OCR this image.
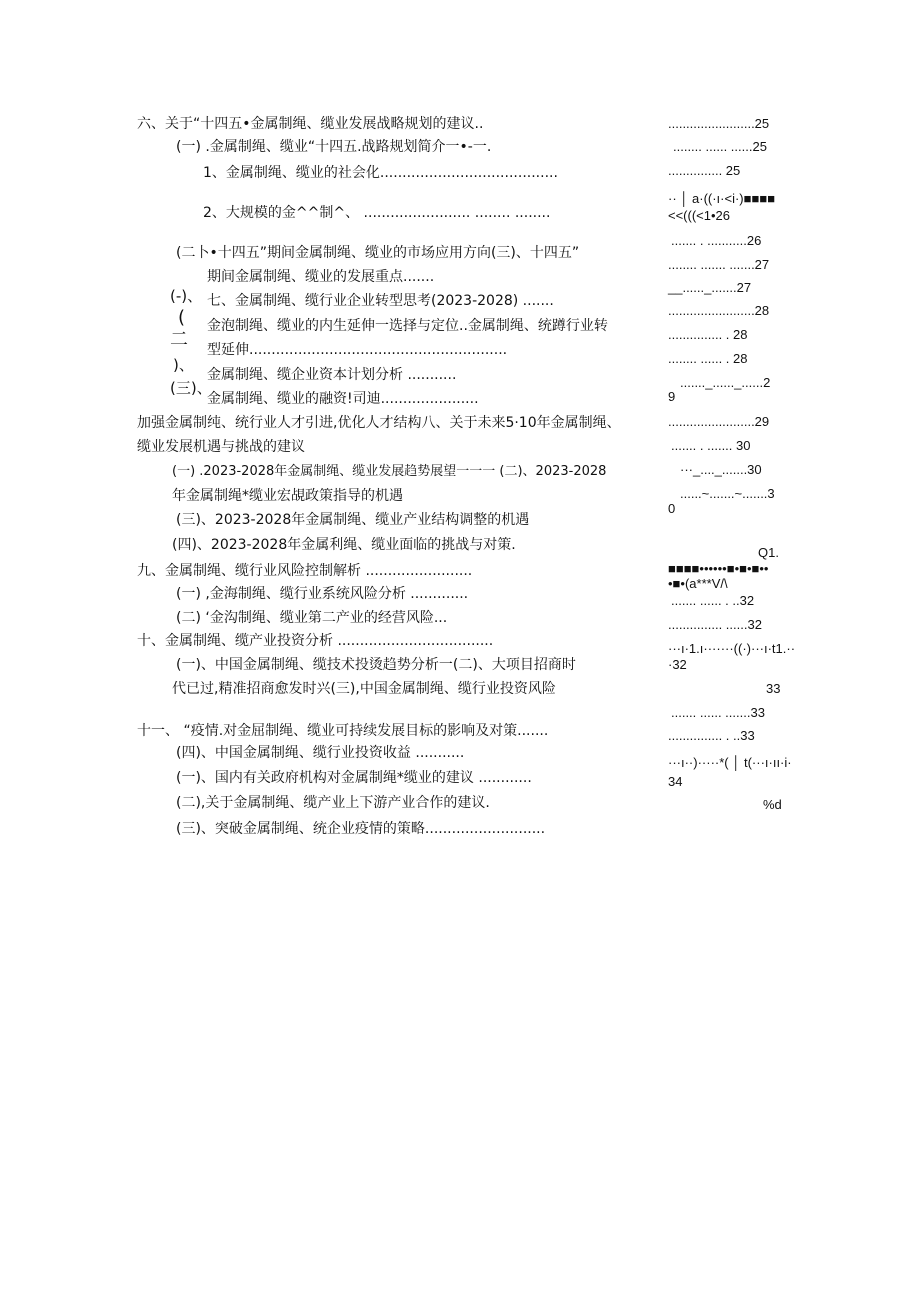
六、关于“十四五•金属制绳、缆业发展战略规划的建议..
(一) .金属制绳、缆业“十四五.战路规划简介一•-一.
1、金属制绳、缆业的社会化........................................
2、大规模的金^^制^、 ........................ ........ ........
(二卜•十四五”期间金属制绳、缆业的市场应用方向(三)、十四五”
期间金属制绳、缆业的发展重点.......
(-)、 七、金属制绳、缆行业企业转型思考(2023-2028) .......
( 金泡制绳、缆业的内生延伸一选择与定位..金属制绳、统蹲行业转
二 型延伸..........................................................
)、
金属制绳、缆企业资本计划分析 ...........
(三)、
金属制绳、缆业的融资!司迪......................
加强金属制纯、统行业人才引进,优化人才结构八、关于未来5·10年金属制绳、
缆业发展机遇与挑战的建议
(一) .2023-2028年金属制绳、缆业发展趋势展望一一一 (二)、2023-2028
年金属制绳*缆业宏覘政策指导的机遇
(三)、2023-2028年金属制绳、缆业产业结构调整的机遇
(四)、2023-2028年金属利绳、缆业面临的挑战与对策.
九、金属制绳、缆行业风险控制解析 ........................
(一) ,金海制绳、缆行业系统风险分析 .............
(二) ‘金沟制绳、缆业第二产业的经营风险...
十、金属制绳、缆产业投资分析 ...................................
(一)、中国金属制绳、缆技术投烫趋势分析一(二)、大项目招商时
代已过,精准招商愈发时兴(三),中国金属制绳、缆行业投资风险
十一、 “疫情.对金屈制绳、缆业可持续发展目标的影响及对策.......
(四)、中国金属制绳、缆行业投资收益 ...........
(一)、国内有关政府机构对金属制绳*缆业的建议 ............
(二),关于金属制绳、缆产业上下游产业合作的建议.
(三)、突破金属制绳、统企业疫情的策略...........................
........................25
........ ...... ......25
............... 25
·· │ a·((·ı·<i·)■■■■
<<(((<1•26
....... . ...........26
........ ....... .......27
__......_.......27
........................28
............... . 28
........ ...... . 28
......._......_......2
9
........................29
....... . ....... 30
···_...._.......30
......~.......~.......3
0
Q1.
■■■■••••••■•■•■••
•■•(a***V/\
....... ...... . ..32
............... ......32
···ı·1.ı·······((·)···ı·t1.··
·32
33
....... ...... .......33
............... . ..33
···ı··)·····*( │ t(···ı·ıı·i·
34
%d
